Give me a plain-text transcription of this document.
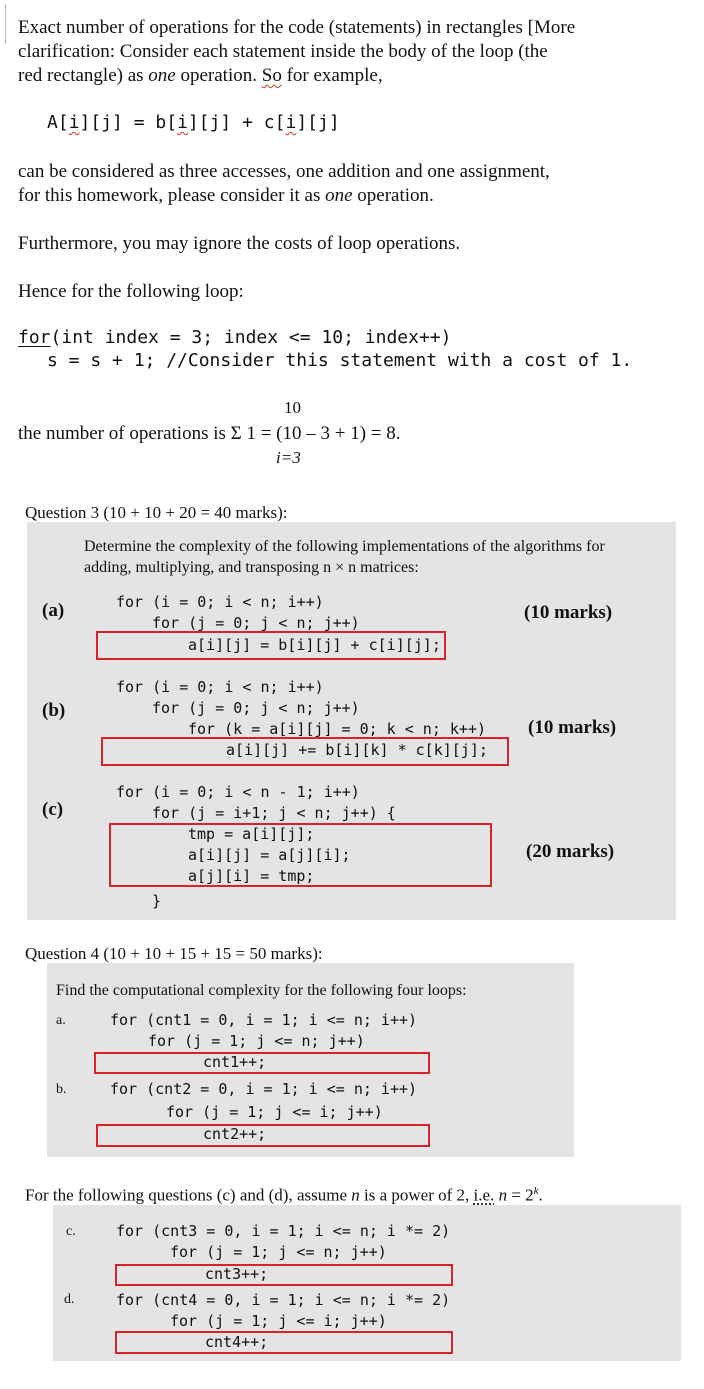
Exact number of operations for the code (statements) in rectangles [More
clarification: Consider each statement inside the body of the loop (the
red rectangle) as one operation. So for example,
A[i][j] = b[i][j] + c[i][j]
can be considered as three accesses, one addition and one assignment,
for this homework, please consider it as one operation.
Furthermore, you may ignore the costs of loop operations.
Hence for the following loop:
for(int index = 3; index <= 10; index++)
s = s + 1; //Consider this statement with a cost of 1.
10
the number of operations is Σ 1 = (10 – 3 + 1) = 8.
i=3
Question 3 (10 + 10 + 20 = 40 marks):
Determine the complexity of the following implementations of the algorithms for
adding, multiplying, and transposing n × n matrices:
(a)	for (i = 0; i < n; i++)
for (j = 0; j < n; j++)
a[i][j] = b[i][j] + c[i][j];
(10 marks)
(b)
for (i = 0; i < n; i++)
for (j = 0; j < n; j++)
for (k = a[i][j] = 0; k < n; k++)
a[i][j] += b[i][k] * c[k][j];
(10 marks)
(c)
for (i = 0; i < n - 1; i++)
for (j = i+1; j < n; j++) {
tmp = a[i][j];
a[i][j] = a[j][i];
a[j][i] = tmp;
}
(20 marks)
Question 4 (10 + 10 + 15 + 15 = 50 marks):
Find the computational complexity for the following four loops:
a.	for (cnt1 = 0, i = 1; i <= n; i++)
for (j = 1; j <= n; j++)
cnt1++;
b.	for (cnt2 = 0, i = 1; i <= n; i++)
for (j = 1; j <= i; j++)
cnt2++;
For the following questions (c) and (d), assume n is a power of 2, i.e. $n = 2^k$.
c.	for (cnt3 = 0, i = 1; i <= n; i *= 2)
for (j = 1; j <= n; j++)
cnt3++;
d.	for (cnt4 = 0, i = 1; i <= n; i *= 2)
for (j = 1; j <= i; j++)
cnt4++;
